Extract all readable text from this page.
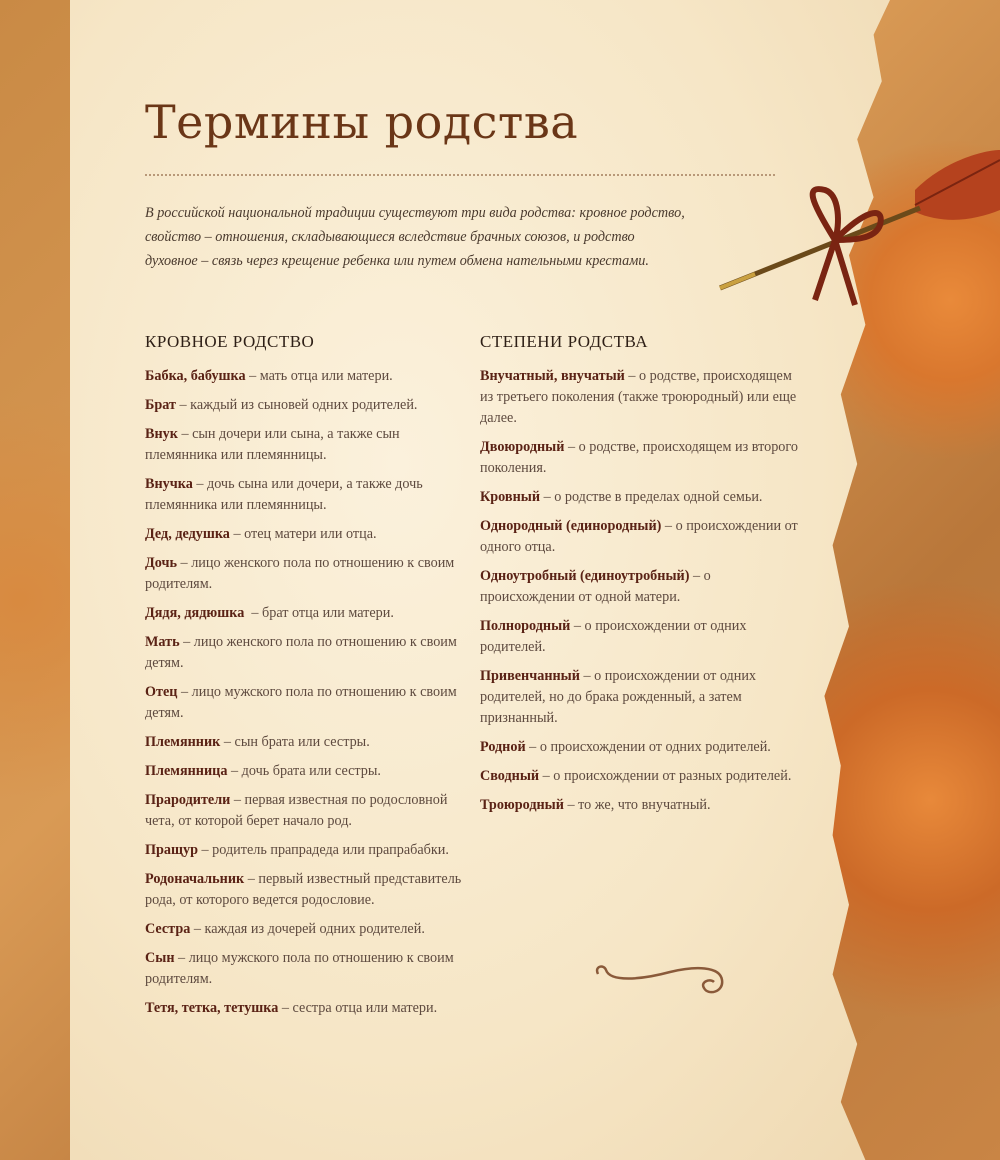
Термины родства

В российской национальной традиции существуют три вида родства: кровное родство, свойство – отношения, складывающиеся вследствие брачных союзов, и родство духовное – связь через крещение ребенка или путем обмена нательными крестами.

КРОВНОЕ РОДСТВО
Бабка, бабушка – мать отца или матери.
Брат – каждый из сыновей одних родителей.
Внук – сын дочери или сына, а также сын племянника или племянницы.
Внучка – дочь сына или дочери, а также дочь племянника или племянницы.
Дед, дедушка – отец матери или отца.
Дочь – лицо женского пола по отношению к своим родителям.
Дядя, дядюшка  – брат отца или матери.
Мать – лицо женского пола по отношению к своим детям.
Отец – лицо мужского пола по отношению к своим детям.
Племянник – сын брата или сестры.
Племянница – дочь брата или сестры.
Прародители – первая известная по родословной чета, от которой берет начало род.
Пращур – родитель прапрадеда или прапрабабки.
Родоначальник – первый известный представитель рода, от которого ведется родословие.
Сестра – каждая из дочерей одних родителей.
Сын – лицо мужского пола по отношению к своим родителям.
Тетя, тетка, тетушка – сестра отца или матери.
СТЕПЕНИ РОДСТВА
Внучатный, внучатый – о родстве, происходящем из третьего поколения (также троюродный) или еще далее.
Двоюродный – о родстве, происходящем из второго поколения.
Кровный – о родстве в пределах одной семьи.
Однородный (единородный) – о происхождении от одного отца.
Одноутробный (единоутробный) – о происхождении от одной матери.
Полнородный – о происхождении от одних родителей.
Привенчанный – о происхождении от одних родителей, но до брака рожденный, а затем признанный.
Родной – о происхождении от одних родителей.
Сводный – о происхождении от разных родителей.
Троюродный – то же, что внучатный.
